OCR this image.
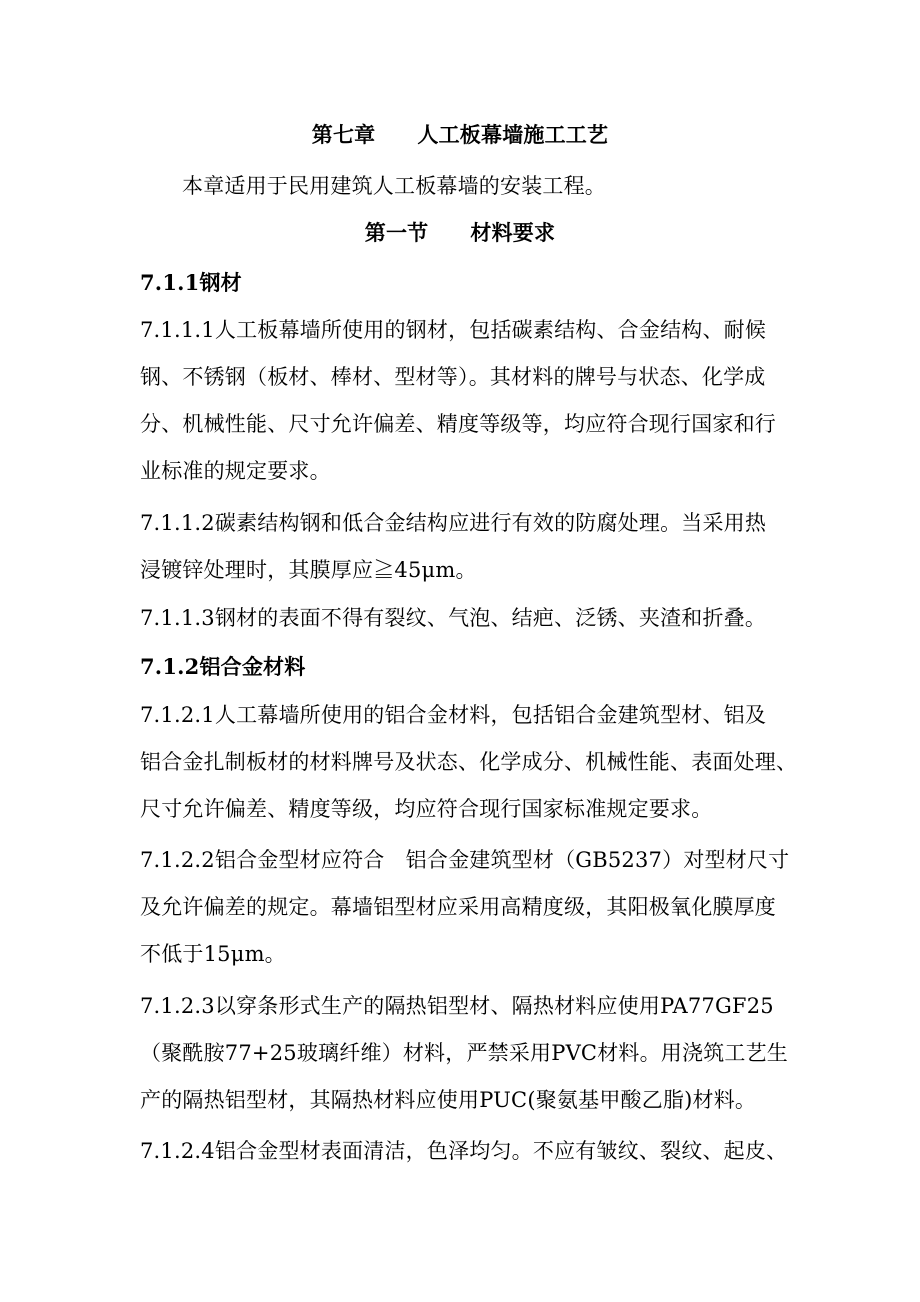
第七章 人工板幕墙施工工艺
本章适用于民用建筑人工板幕墙的安装工程。
第一节 材料要求
7.1.1钢材
7.1.1.1人工板幕墙所使用的钢材，包括碳素结构、合金结构、耐候
钢、不锈钢（板材、棒材、型材等）。其材料的牌号与状态、化学成
分、机械性能、尺寸允许偏差、精度等级等，均应符合现行国家和行
业标准的规定要求。
7.1.1.2碳素结构钢和低合金结构应进行有效的防腐处理。当采用热
浸镀锌处理时，其膜厚应≧45μm。
7.1.1.3钢材的表面不得有裂纹、气泡、结疤、泛锈、夹渣和折叠。
7.1.2铝合金材料
7.1.2.1人工幕墙所使用的铝合金材料，包括铝合金建筑型材、铝及
铝合金扎制板材的材料牌号及状态、化学成分、机械性能、表面处理、
尺寸允许偏差、精度等级，均应符合现行国家标准规定要求。
7.1.2.2铝合金型材应符合　铝合金建筑型材（GB5237）对型材尺寸
及允许偏差的规定。幕墙铝型材应采用高精度级，其阳极氧化膜厚度
不低于15μm。
7.1.2.3以穿条形式生产的隔热铝型材、隔热材料应使用PA77GF25
（聚酰胺77+25玻璃纤维）材料，严禁采用PVC材料。用浇筑工艺生
产的隔热铝型材，其隔热材料应使用PUC(聚氨基甲酸乙脂)材料。
7.1.2.4铝合金型材表面清洁，色泽均匀。不应有皱纹、裂纹、起皮、
